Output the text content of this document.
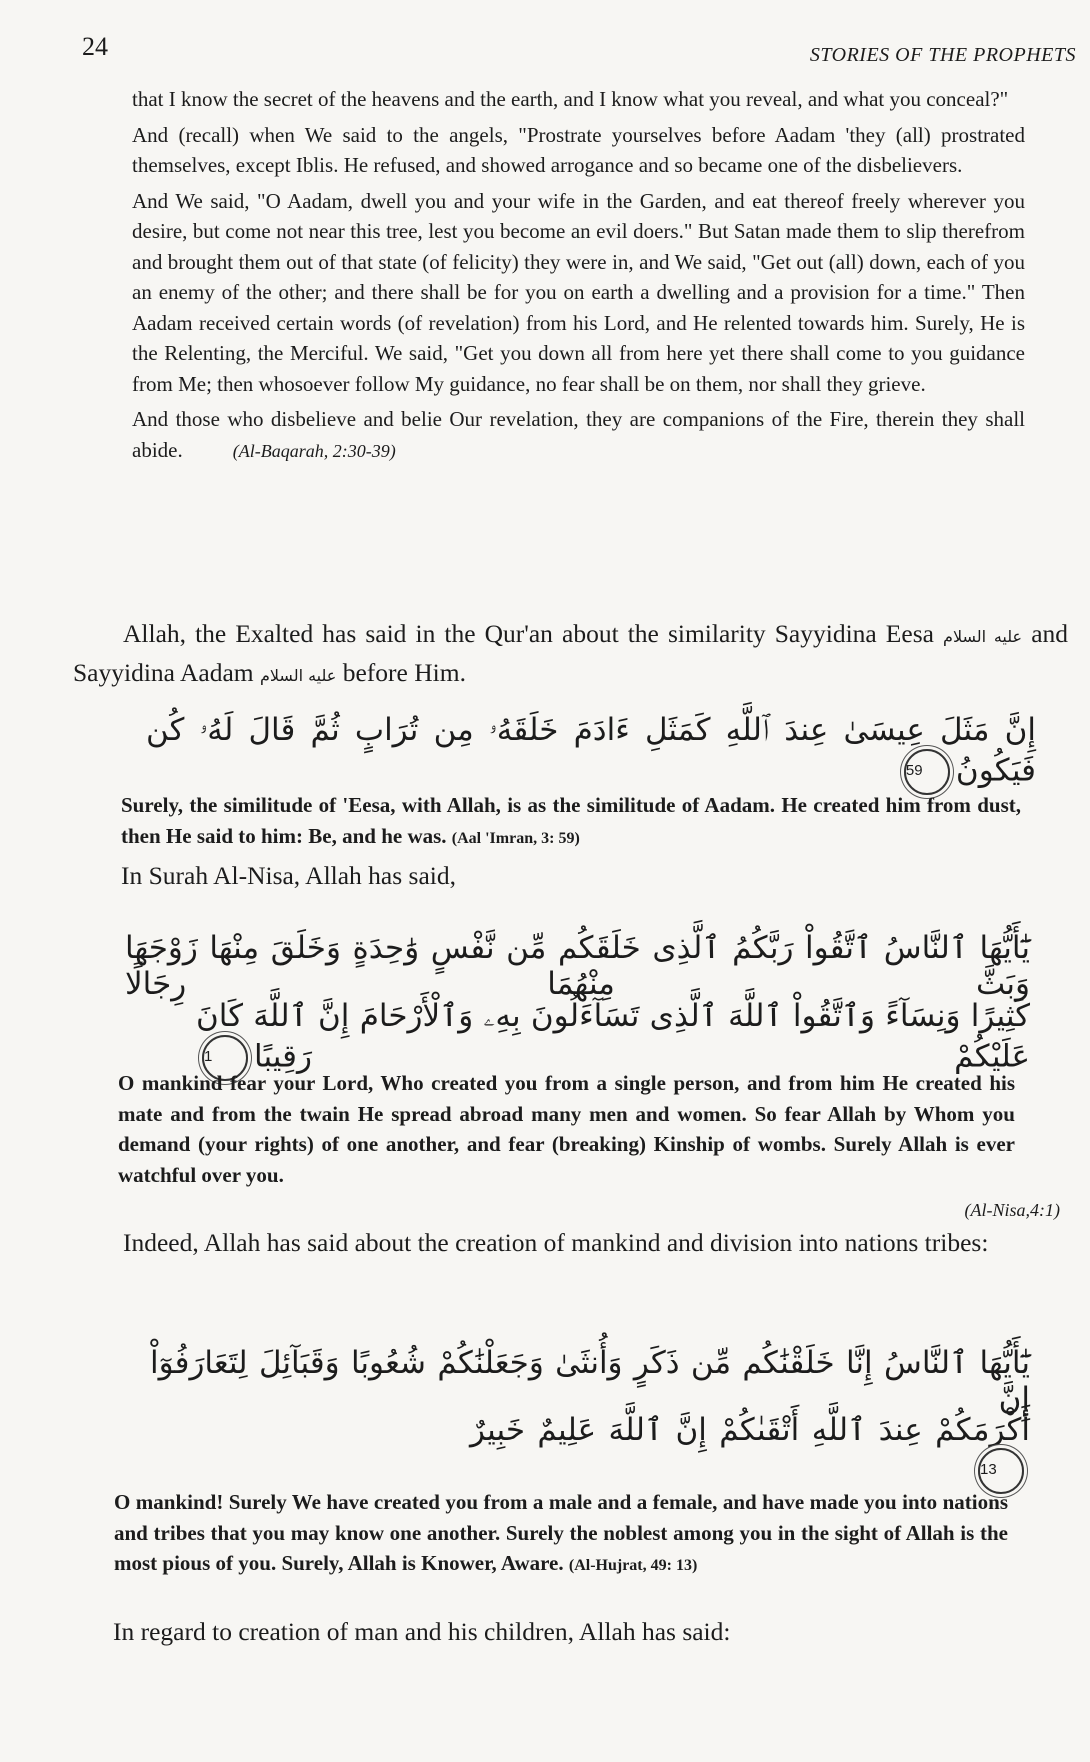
24	STORIES OF THE PROPHETS

that I know the secret of the heavens and the earth, and I know what you reveal, and what you conceal?"

And (recall) when We said to the angels, "Prostrate yourselves before Aadam 'they (all) prostrated themselves, except Iblis. He refused, and showed arrogance and so became one of the disbelievers.

And We said, "O Aadam, dwell you and your wife in the Garden, and eat thereof freely wherever you desire, but come not near this tree, lest you become an evil doers." But Satan made them to slip therefrom and brought them out of that state (of felicity) they were in, and We said, "Get out (all) down, each of you an enemy of the other; and there shall be for you on earth a dwelling and a provision for a time." Then Aadam received certain words (of revelation) from his Lord, and He relented towards him. Surely, He is the Relenting, the Merciful. We said, "Get you down all from here yet there shall come to you guidance from Me; then whosoever follow My guidance, no fear shall be on them, nor shall they grieve.

And those who disbelieve and belie Our revelation, they are companions of the Fire, therein they shall abide.	(Al-Baqarah, 2:30-39)

Allah, the Exalted has said in the Qur'an about the similarity Sayyidina Eesa عليه السلام and Sayyidina Aadam عليه السلام before Him.
إِنَّ مَثَلَ عِيسَىٰ عِندَ ٱللَّهِ كَمَثَلِ ءَادَمَ خَلَقَهُۥ مِن تُرَابٍ ثُمَّ قَالَ لَهُۥ كُن فَيَكُونُ59
Surely, the similitude of 'Eesa, with Allah, is as the similitude of Aadam. He created him from dust, then He said to him: Be, and he was. (Aal 'Imran, 3: 59)
In Surah Al-Nisa, Allah has said,
يَٰٓأَيُّهَا ٱلنَّاسُ ٱتَّقُواْ رَبَّكُمُ ٱلَّذِى خَلَقَكُم مِّن نَّفْسٍ وَٰحِدَةٍ وَخَلَقَ مِنْهَا زَوْجَهَا وَبَثَّ مِنْهُمَا رِجَالًا
كَثِيرًا وَنِسَآءً وَٱتَّقُواْ ٱللَّهَ ٱلَّذِى تَسَآءَلُونَ بِهِۦ وَٱلْأَرْحَامَ إِنَّ ٱللَّهَ كَانَ عَلَيْكُمْ رَقِيبًا1
O mankind fear your Lord, Who created you from a single person, and from him He created his mate and from the twain He spread abroad many men and women. So fear Allah by Whom you demand (your rights) of one another, and fear (breaking) Kinship of wombs. Surely Allah is ever watchful over you.
(Al-Nisa,4:1)
Indeed, Allah has said about the creation of mankind and division into nations tribes:
يَٰٓأَيُّهَا ٱلنَّاسُ إِنَّا خَلَقْنَٰكُم مِّن ذَكَرٍ وَأُنثَىٰ وَجَعَلْنَٰكُمْ شُعُوبًا وَقَبَآئِلَ لِتَعَارَفُوٓاْ إِنَّ
أَكْرَمَكُمْ عِندَ ٱللَّهِ أَتْقَىٰكُمْ إِنَّ ٱللَّهَ عَلِيمٌ خَبِيرٌ13
O mankind! Surely We have created you from a male and a female, and have made you into nations and tribes that you may know one another. Surely the noblest among you in the sight of Allah is the most pious of you. Surely, Allah is Knower, Aware. (Al-Hujrat, 49: 13)
In regard to creation of man and his children, Allah has said:
